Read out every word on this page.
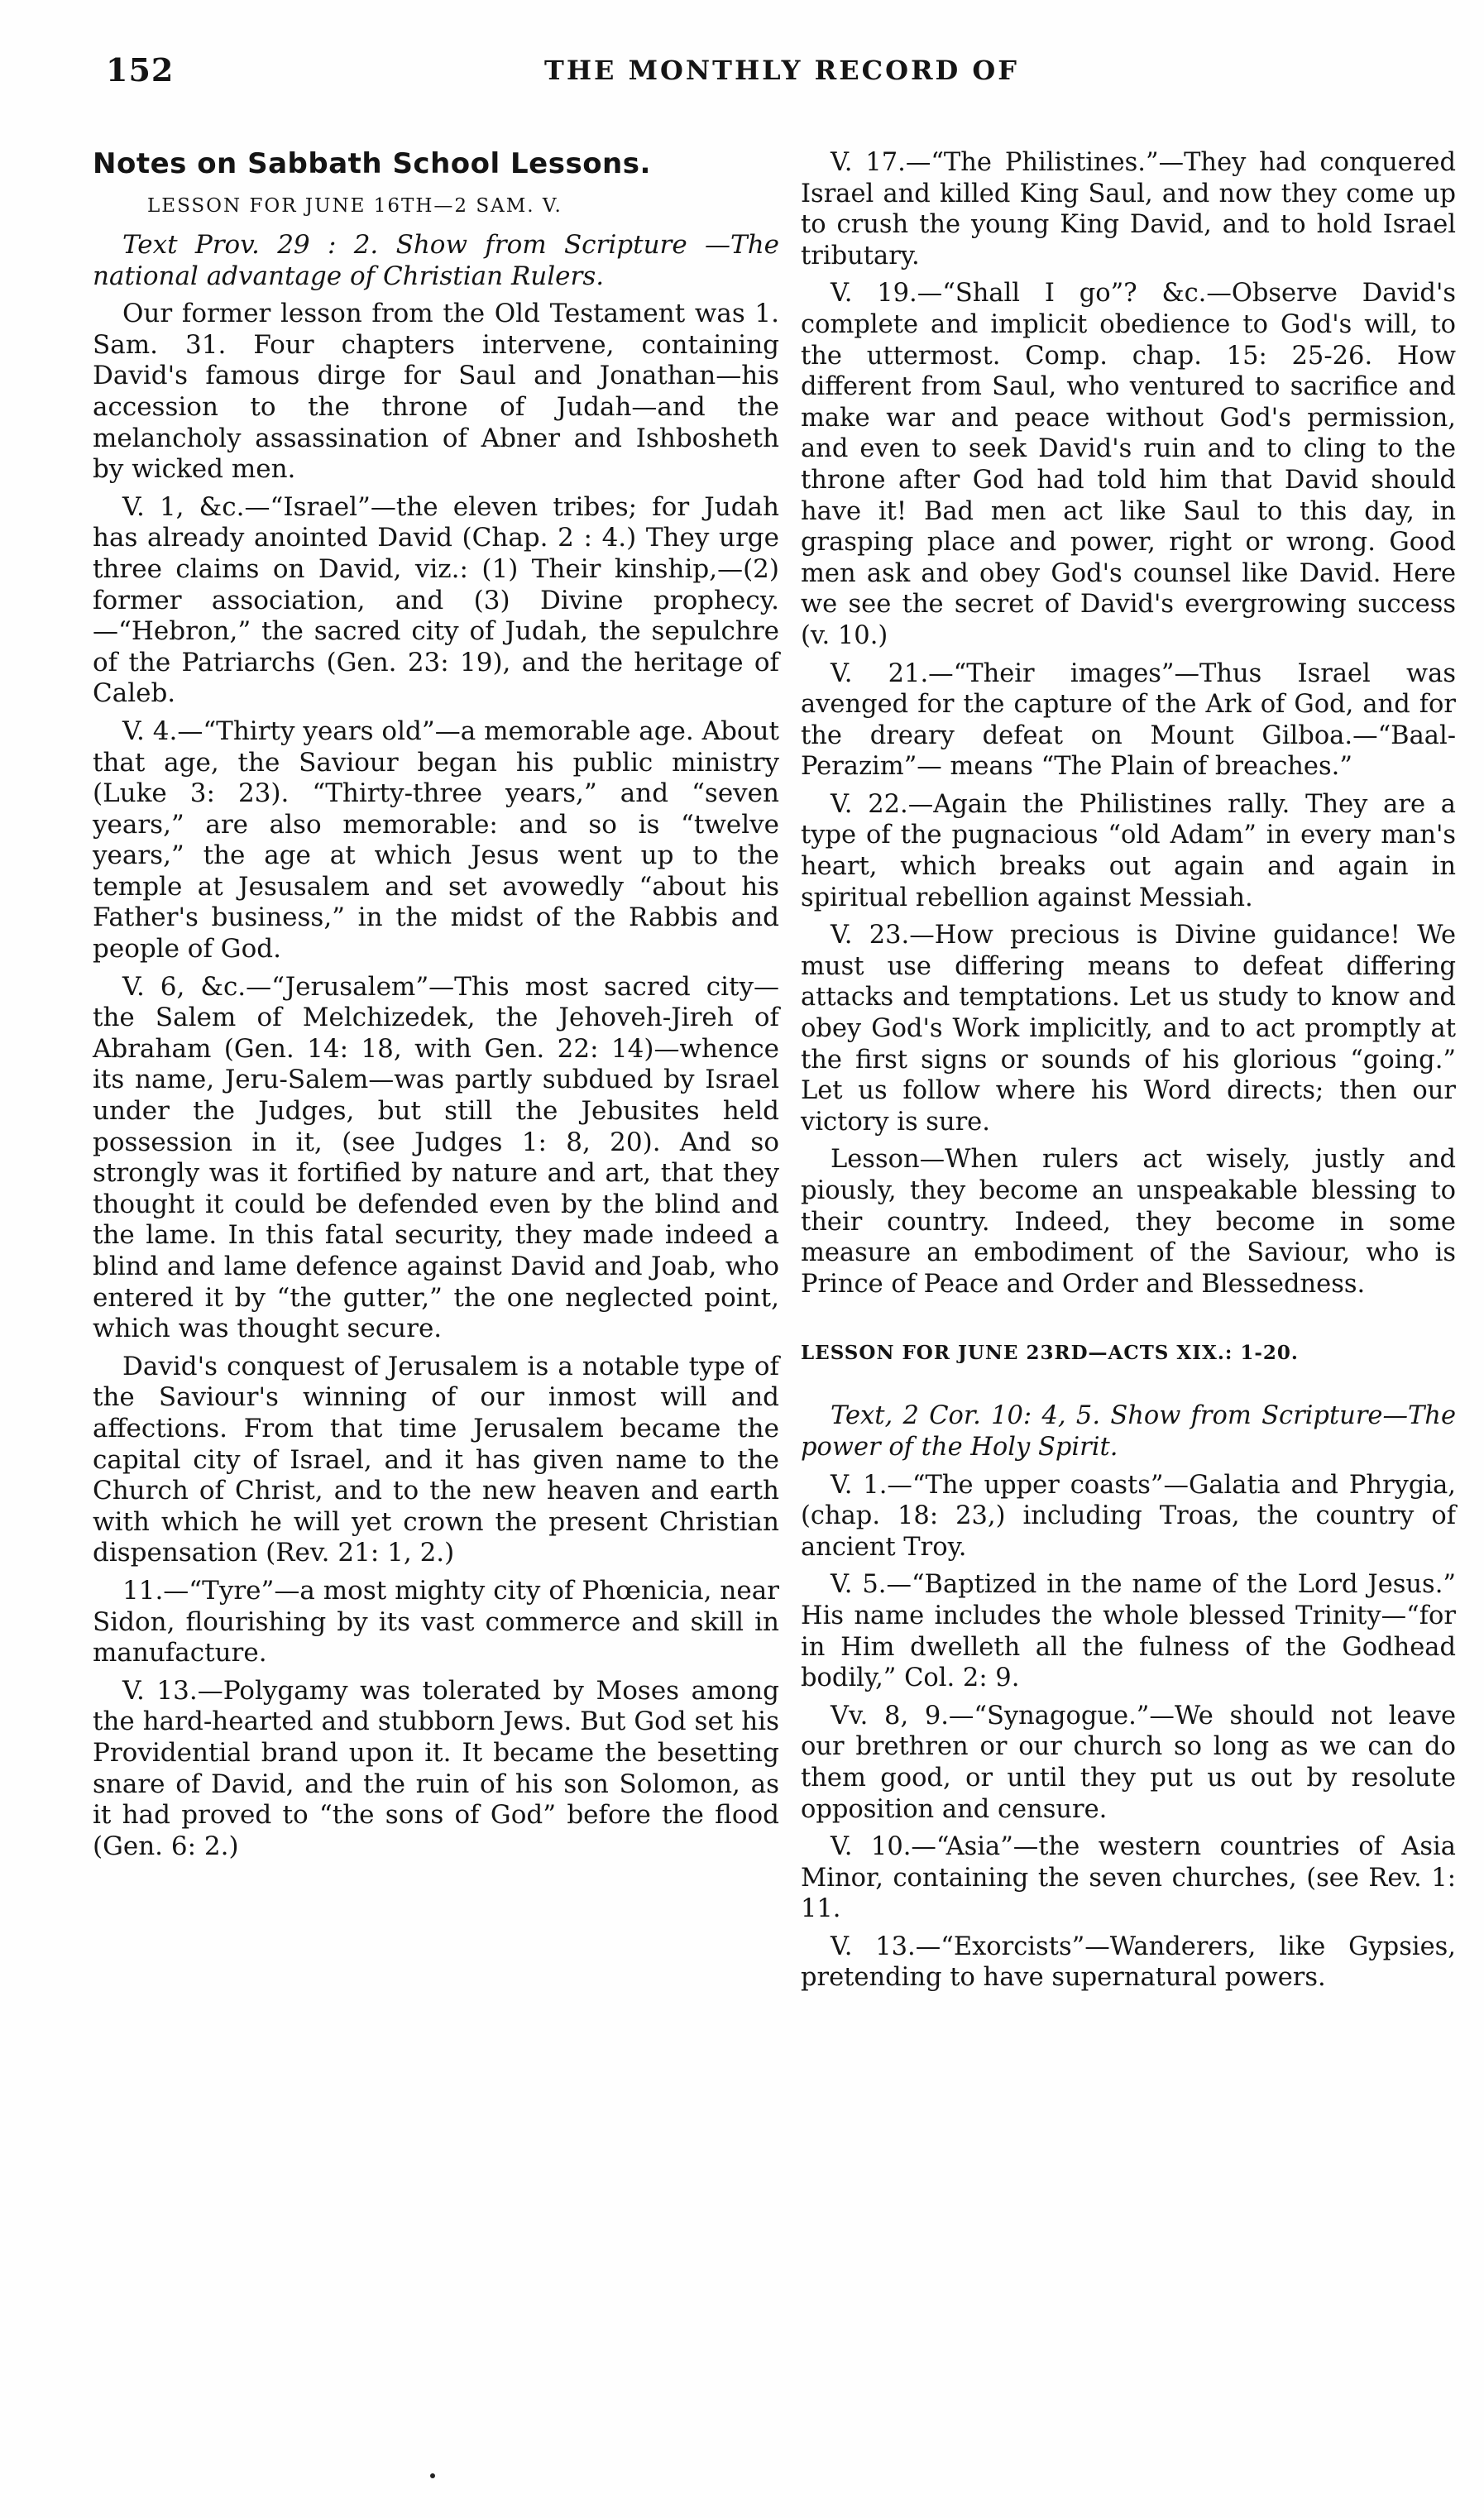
152	THE MONTHLY RECORD OF
Notes on Sabbath School Lessons.
LESSON FOR JUNE 16TH—2 SAM. V.

Text Prov. 29 : 2. Show from Scripture —The national advantage of Christian Rulers.

Our former lesson from the Old Testament was 1. Sam. 31. Four chapters intervene, containing David's famous dirge for Saul and Jonathan—his accession to the throne of Judah—and the melancholy assassination of Abner and Ishbosheth by wicked men.

V. 1, &c.—“Israel”—the eleven tribes; for Judah has already anointed David (Chap. 2 : 4.) They urge three claims on David, viz.: (1) Their kinship,—(2) former association, and (3) Divine prophecy.—“Hebron,” the sacred city of Judah, the sepulchre of the Patriarchs (Gen. 23: 19), and the heritage of Caleb.

V. 4.—“Thirty years old”—a memorable age. About that age, the Saviour began his public ministry (Luke 3: 23). “Thirty-three years,” and “seven years,” are also memorable: and so is “twelve years,” the age at which Jesus went up to the temple at Jesusalem and set avowedly “about his Father's business,” in the midst of the Rabbis and people of God.

V. 6, &c.—“Jerusalem”—This most sacred city—the Salem of Melchizedek, the Jehoveh-Jireh of Abraham (Gen. 14: 18, with Gen. 22: 14)—whence its name, Jeru-Salem—was partly subdued by Israel under the Judges, but still the Jebusites held possession in it, (see Judges 1: 8, 20). And so strongly was it fortified by nature and art, that they thought it could be defended even by the blind and the lame. In this fatal security, they made indeed a blind and lame defence against David and Joab, who entered it by “the gutter,” the one neglected point, which was thought secure.

David's conquest of Jerusalem is a notable type of the Saviour's winning of our inmost will and affections. From that time Jerusalem became the capital city of Israel, and it has given name to the Church of Christ, and to the new heaven and earth with which he will yet crown the present Christian dispensation (Rev. 21: 1, 2.)

11.—“Tyre”—a most mighty city of Phœnicia, near Sidon, flourishing by its vast commerce and skill in manufacture.

V. 13.—Polygamy was tolerated by Moses among the hard-hearted and stubborn Jews. But God set his Providential brand upon it. It became the besetting snare of David, and the ruin of his son Solomon, as it had proved to “the sons of God” before the flood (Gen. 6: 2.)

V. 17.—“The Philistines.”—They had conquered Israel and killed King Saul, and now they come up to crush the young King David, and to hold Israel tributary.

V. 19.—“Shall I go”? &c.—Observe David's complete and implicit obedience to God's will, to the uttermost. Comp. chap. 15: 25-26. How different from Saul, who ventured to sacrifice and make war and peace without God's permission, and even to seek David's ruin and to cling to the throne after God had told him that David should have it! Bad men act like Saul to this day, in grasping place and power, right or wrong. Good men ask and obey God's counsel like David. Here we see the secret of David's evergrowing success (v. 10.)

V. 21.—“Their images”—Thus Israel was avenged for the capture of the Ark of God, and for the dreary defeat on Mount Gilboa.—“Baal-Perazim”— means “The Plain of breaches.”

V. 22.—Again the Philistines rally. They are a type of the pugnacious “old Adam” in every man's heart, which breaks out again and again in spiritual rebellion against Messiah.

V. 23.—How precious is Divine guidance! We must use differing means to defeat differing attacks and temptations. Let us study to know and obey God's Work implicitly, and to act promptly at the first signs or sounds of his glorious “going.” Let us follow where his Word directs; then our victory is sure.

Lesson—When rulers act wisely, justly and piously, they become an unspeakable blessing to their country. Indeed, they become in some measure an embodiment of the Saviour, who is Prince of Peace and Order and Blessedness.

LESSON FOR JUNE 23RD—ACTS XIX.: 1-20.

Text, 2 Cor. 10: 4, 5. Show from Scripture—The power of the Holy Spirit.

V. 1.—“The upper coasts”—Galatia and Phrygia, (chap. 18: 23,) including Troas, the country of ancient Troy.

V. 5.—“Baptized in the name of the Lord Jesus.” His name includes the whole blessed Trinity—“for in Him dwelleth all the fulness of the Godhead bodily,” Col. 2: 9.

Vv. 8, 9.—“Synagogue.”—We should not leave our brethren or our church so long as we can do them good, or until they put us out by resolute opposition and censure.

V. 10.—“Asia”—the western countries of Asia Minor, containing the seven churches, (see Rev. 1: 11.

V. 13.—“Exorcists”—Wanderers, like Gypsies, pretending to have supernatural powers.
